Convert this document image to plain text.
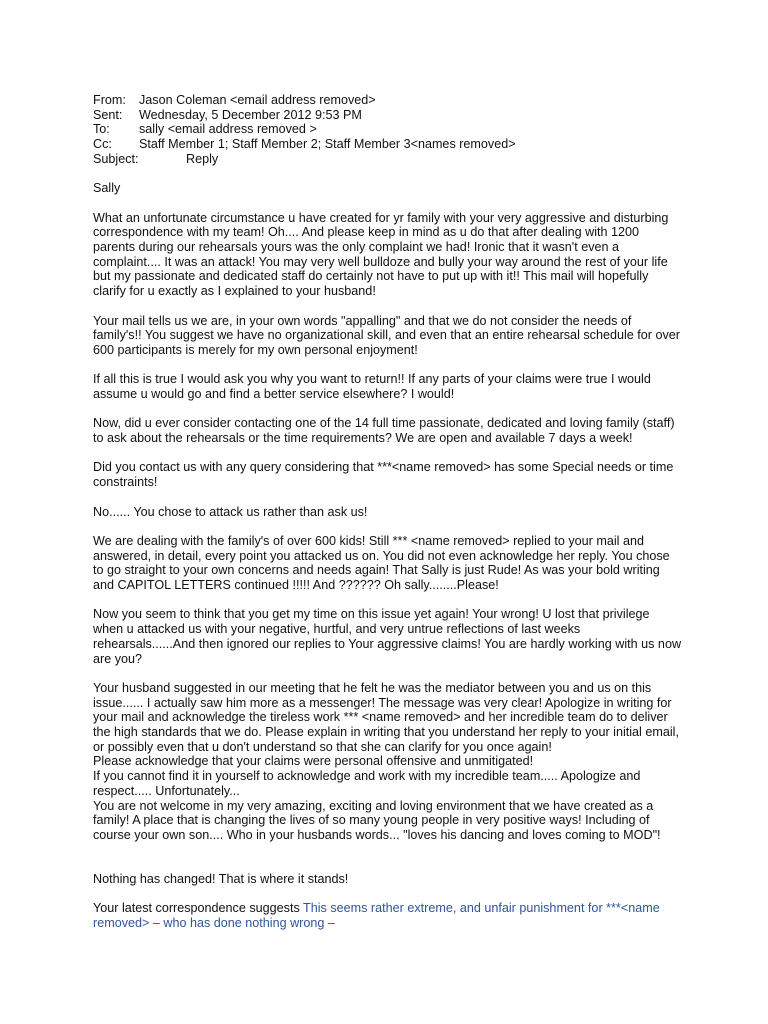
From:	Jason Coleman <email address removed>
Sent:	Wednesday, 5 December 2012 9:53 PM
To:	sally <email address removed >
Cc:	Staff Member 1; Staff Member 2; Staff Member 3<names removed>
Subject:	Reply

Sally

What an unfortunate circumstance u have created for yr family with your very aggressive and disturbing correspondence with my team! Oh.... And please keep in mind as u do that after dealing with 1200 parents during our rehearsals yours was the only complaint we had! Ironic that it wasn't even a complaint.... It was an attack! You may very well bulldoze and bully your way around the rest of your life but my passionate and dedicated staff do certainly not have to put up with it!! This mail will hopefully clarify for u exactly as I explained to your husband!

Your mail tells us we are, in your own words "appalling" and that we do not consider the needs of family's!! You suggest we have no organizational skill, and even that an entire rehearsal schedule for over 600 participants is merely for my own personal enjoyment!

If all this is true I would ask you why you want to return!! If any parts of your claims were true I would assume u would go and find a better service elsewhere? I would!

Now, did u ever consider contacting one of the 14 full time passionate, dedicated and loving family (staff) to ask about the rehearsals or the time requirements? We are open and available 7 days a week!

Did you contact us with any query considering that ***<name removed> has some Special needs or time constraints!

No...... You chose to attack us rather than ask us!

We are dealing with the family's of over 600 kids! Still *** <name removed> replied to your mail and answered, in detail, every point you attacked us on. You did not even acknowledge her reply. You chose to go straight to your own concerns and needs again! That Sally is just Rude! As was your bold writing and CAPITOL LETTERS continued !!!!! And ?????? Oh sally........Please!

Now you seem to think that you get my time on this issue yet again! Your wrong! U lost that privilege when u attacked us with your negative, hurtful, and very untrue reflections of last weeks rehearsals......And then ignored our replies to Your aggressive claims! You are hardly working with us now are you?

Your husband suggested in our meeting that he felt he was the mediator between you and us on this issue...... I actually saw him more as a messenger! The message was very clear! Apologize in writing for your mail and acknowledge the tireless work *** <name removed> and her incredible team do to deliver the high standards that we do. Please explain in writing that you understand her reply to your initial email, or possibly even that u don't understand so that she can clarify for you once again!

Please acknowledge that your claims were personal offensive and unmitigated!

If you cannot find it in yourself to acknowledge and work with my incredible team..... Apologize and respect..... Unfortunately...

You are not welcome in my very amazing, exciting and loving environment that we have created as a family! A place that is changing the lives of so many young people in very positive ways! Including of course your own son.... Who in your husbands words... "loves his dancing and loves coming to MOD"!

Nothing has changed! That is where it stands!

Your latest correspondence suggests This seems rather extreme, and unfair punishment for ***<name removed> – who has done nothing wrong –
